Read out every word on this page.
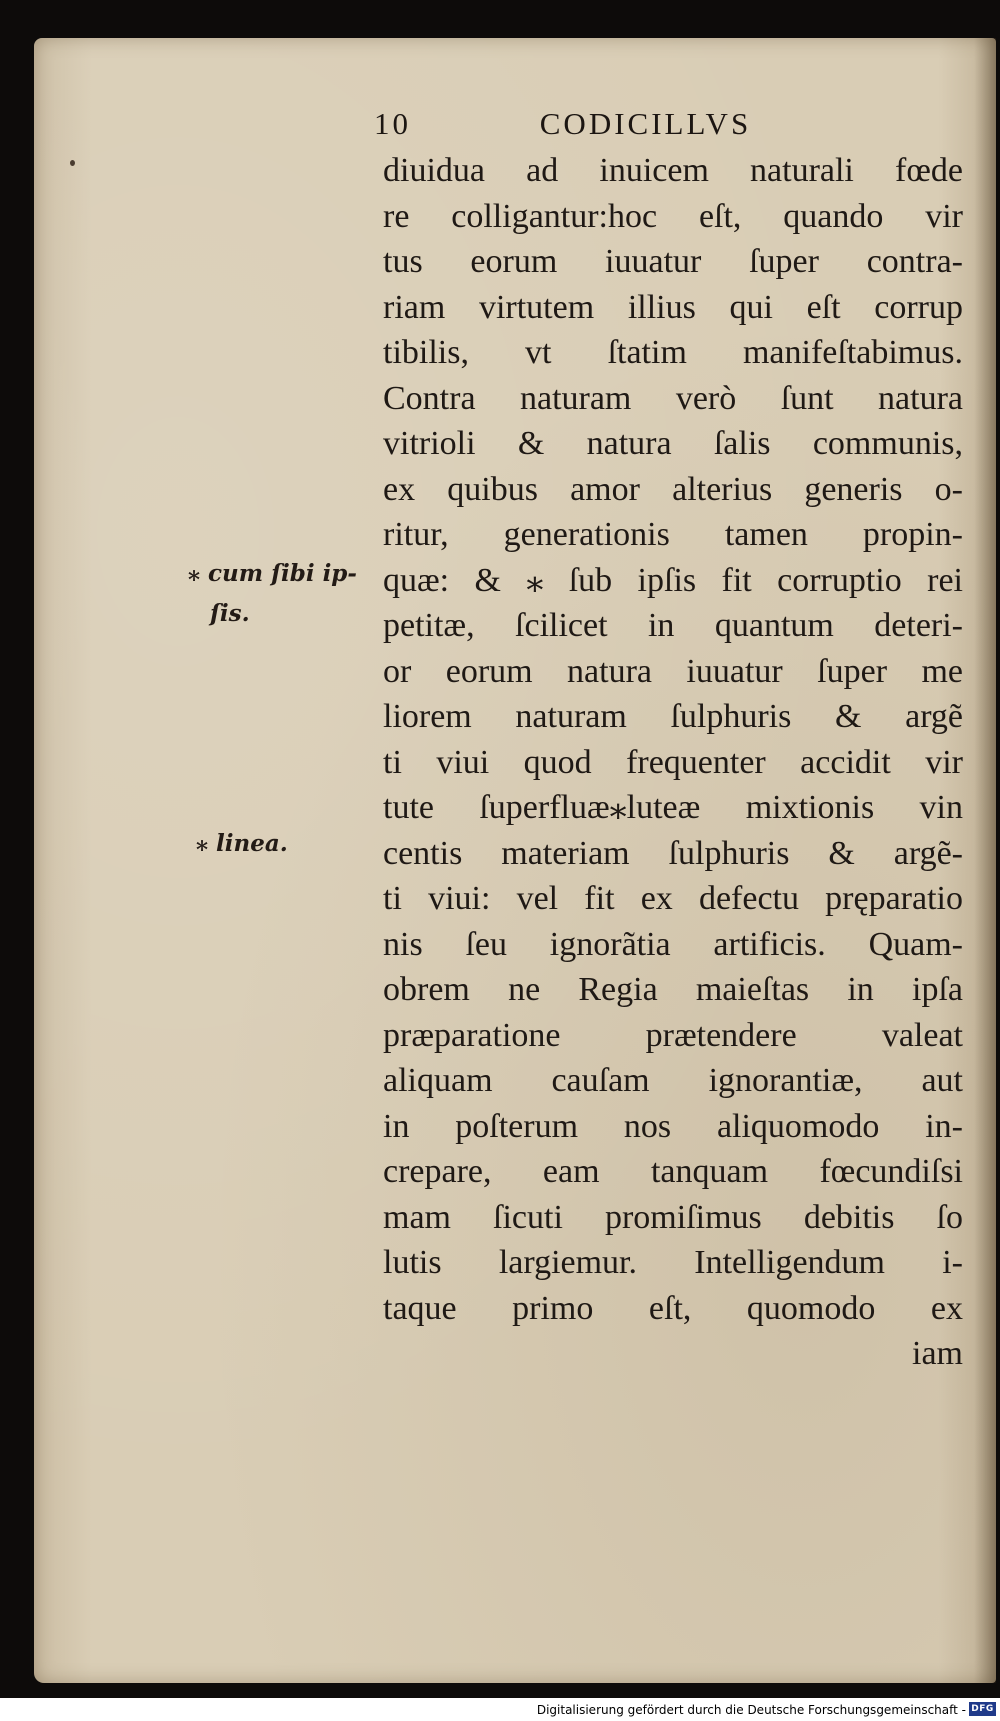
10	CODICILLVS
diuidua ad inuicem naturali fœde
re colligantur:hoc eſt, quando vir
tus eorum iuuatur ſuper contra-
riam virtutem illius qui eſt corrup
tibilis, vt ſtatim manifeſtabimus.
Contra naturam verò ſunt natura
vitrioli & natura ſalis communis,
ex quibus amor alterius generis o-
ritur, generationis tamen propin-
quæ: & ⁎ ſub ipſis fit corruptio rei
petitæ, ſcilicet in quantum deteri-
or eorum natura iuuatur ſuper me
liorem naturam ſulphuris & argẽ
ti viui quod frequenter accidit vir
tute ſuperfluæ⁎luteæ mixtionis vin
centis materiam ſulphuris & argẽ-
ti viui: vel fit ex defectu pręparatio
nis ſeu ignorãtia artificis. Quam-
obrem ne Regia maieſtas in ipſa
præparatione prætendere valeat
aliquam cauſam ignorantiæ, aut
in poſterum nos aliquomodo in-
crepare, eam tanquam fœcundiſsi
mam ſicuti promiſimus debitis ſo
lutis largiemur. Intelligendum i-
taque primo eſt, quomodo ex
iam
⁎ cum ſibi ip-
ſis.
⁎ linea.
Digitalisierung gefördert durch die Deutsche Forschungsgemeinschaft - DFG
